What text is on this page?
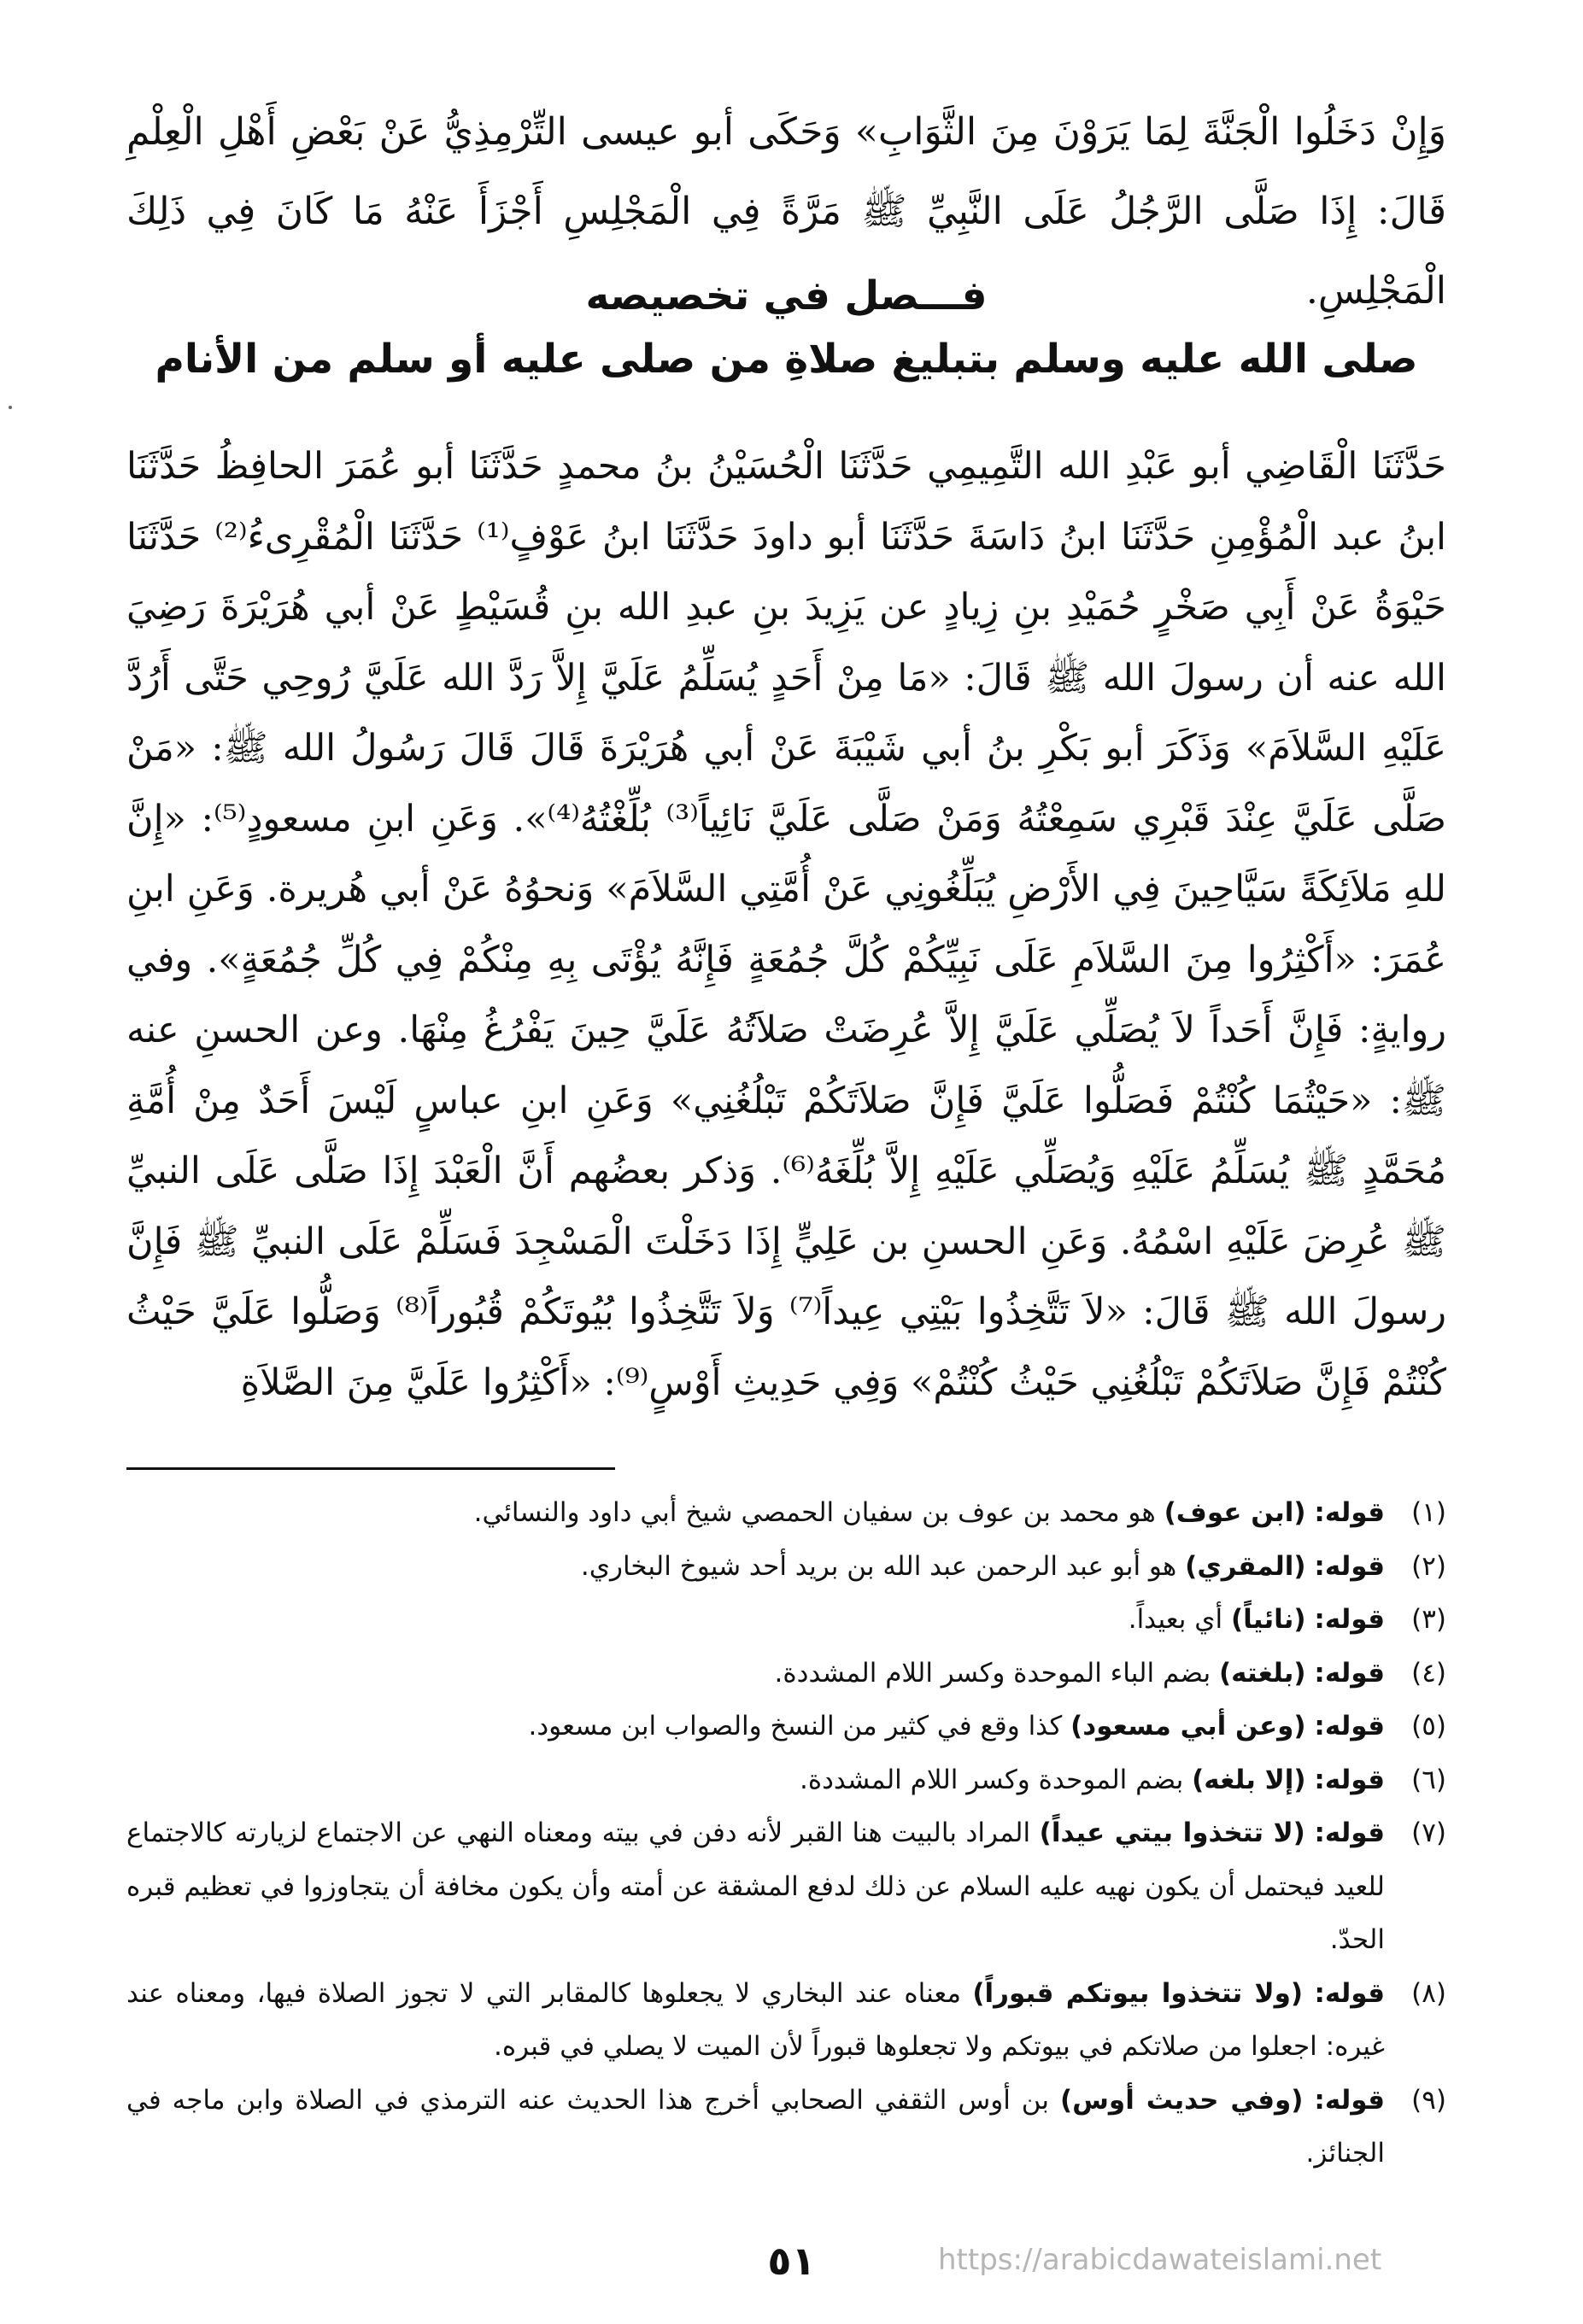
وَإِنْ دَخَلُوا الْجَنَّةَ لِمَا يَرَوْنَ مِنَ الثَّوَابِ» وَحَكَى أبو عيسى التِّرْمِذِيُّ عَنْ بَعْضِ أَهْلِ الْعِلْمِ قَالَ: إِذَا صَلَّى الرَّجُلُ عَلَى النَّبِيِّ ﷺ مَرَّةً فِي الْمَجْلِسِ أَجْزَأَ عَنْهُ مَا كَانَ فِي ذَلِكَ الْمَجْلِسِ.

فـــصل في تخصيصه

صلى الله عليه وسلم بتبليغ صلاةِ من صلى عليه أو سلم من الأنام

حَدَّثَنَا الْقَاضِي أبو عَبْدِ الله التَّمِيمِي حَدَّثَنَا الْحُسَيْنُ بنُ محمدٍ حَدَّثَنَا أبو عُمَرَ الحافِظُ حَدَّثَنَا ابنُ عبد الْمُؤْمِنِ حَدَّثَنَا ابنُ دَاسَةَ حَدَّثَنَا أبو داودَ حَدَّثَنَا ابنُ عَوْفٍ⁽¹⁾ حَدَّثَنَا الْمُقْرِىءُ⁽²⁾ حَدَّثَنَا حَيْوَةُ عَنْ أَبِي صَخْرٍ حُمَيْدِ بنِ زِيادٍ عن يَزِيدَ بنِ عبدِ الله بنِ قُسَيْطٍ عَنْ أبي هُرَيْرَةَ رَضِيَ الله عنه أن رسولَ الله ﷺ قَالَ: «مَا مِنْ أَحَدٍ يُسَلِّمُ عَلَيَّ إِلاَّ رَدَّ الله عَلَيَّ رُوحِي حَتَّى أَرُدَّ عَلَيْهِ السَّلاَمَ» وَذَكَرَ أبو بَكْرِ بنُ أبي شَيْبَةَ عَنْ أبي هُرَيْرَةَ قَالَ قَالَ رَسُولُ الله ﷺ: «مَنْ صَلَّى عَلَيَّ عِنْدَ قَبْرِي سَمِعْتُهُ وَمَنْ صَلَّى عَلَيَّ نَائِياً⁽³⁾ بُلِّغْتُهُ⁽⁴⁾». وَعَنِ ابنِ مسعودٍ⁽⁵⁾: «إِنَّ للهِ مَلاَئِكَةً سَيَّاحِينَ فِي الأَرْضِ يُبَلِّغُونِي عَنْ أُمَّتِي السَّلاَمَ» وَنحوُهُ عَنْ أبي هُريرة. وَعَنِ ابنِ عُمَرَ: «أَكْثِرُوا مِنَ السَّلاَمِ عَلَى نَبِيِّكُمْ كُلَّ جُمُعَةٍ فَإِنَّهُ يُؤْتَى بِهِ مِنْكُمْ فِي كُلِّ جُمُعَةٍ». وفي روايةٍ: فَإِنَّ أَحَداً لاَ يُصَلِّي عَلَيَّ إِلاَّ عُرِضَتْ صَلاَتُهُ عَلَيَّ حِينَ يَفْرُغُ مِنْهَا. وعن الحسنِ عنه ﷺ: «حَيْثُمَا كُنْتُمْ فَصَلُّوا عَلَيَّ فَإِنَّ صَلاَتَكُمْ تَبْلُغُنِي» وَعَنِ ابنِ عباسٍ لَيْسَ أَحَدٌ مِنْ أُمَّةِ مُحَمَّدٍ ﷺ يُسَلِّمُ عَلَيْهِ وَيُصَلِّي عَلَيْهِ إِلاَّ بُلِّغَهُ⁽⁶⁾. وَذكر بعضُهم أَنَّ الْعَبْدَ إِذَا صَلَّى عَلَى النبيِّ ﷺ عُرِضَ عَلَيْهِ اسْمُهُ. وَعَنِ الحسنِ بن عَلِيٍّ إِذَا دَخَلْتَ الْمَسْجِدَ فَسَلِّمْ عَلَى النبيِّ ﷺ فَإِنَّ رسولَ الله ﷺ قَالَ: «لاَ تَتَّخِذُوا بَيْتِي عِيداً⁽⁷⁾ وَلاَ تَتَّخِذُوا بُيُوتَكُمْ قُبُوراً⁽⁸⁾ وَصَلُّوا عَلَيَّ حَيْثُ كُنْتُمْ فَإِنَّ صَلاَتَكُمْ تَبْلُغُنِي حَيْثُ كُنْتُمْ» وَفِي حَدِيثِ أَوْسٍ⁽⁹⁾: «أَكْثِرُوا عَلَيَّ مِنَ الصَّلاَةِ

(١)
قوله: (ابن عوف) هو محمد بن عوف بن سفيان الحمصي شيخ أبي داود والنسائي.
(٢)
قوله: (المقري) هو أبو عبد الرحمن عبد الله بن بريد أحد شيوخ البخاري.
(٣)
قوله: (نائياً) أي بعيداً.
(٤)
قوله: (بلغته) بضم الباء الموحدة وكسر اللام المشددة.
(٥)
قوله: (وعن أبي مسعود) كذا وقع في كثير من النسخ والصواب ابن مسعود.
(٦)
قوله: (إلا بلغه) بضم الموحدة وكسر اللام المشددة.
(٧)
قوله: (لا تتخذوا بيتي عيداً) المراد بالبيت هنا القبر لأنه دفن في بيته ومعناه النهي عن الاجتماع لزيارته كالاجتماع للعيد فيحتمل أن يكون نهيه عليه السلام عن ذلك لدفع المشقة عن أمته وأن يكون مخافة أن يتجاوزوا في تعظيم قبره الحدّ.
(٨)
قوله: (ولا تتخذوا بيوتكم قبوراً) معناه عند البخاري لا يجعلوها كالمقابر التي لا تجوز الصلاة فيها، ومعناه عند غيره: اجعلوا من صلاتكم في بيوتكم ولا تجعلوها قبوراً لأن الميت لا يصلي في قبره.
(٩)
قوله: (وفي حديث أوس) بن أوس الثقفي الصحابي أخرج هذا الحديث عنه الترمذي في الصلاة وابن ماجه في الجنائز.
٥١	https://arabicdawateislami.net
